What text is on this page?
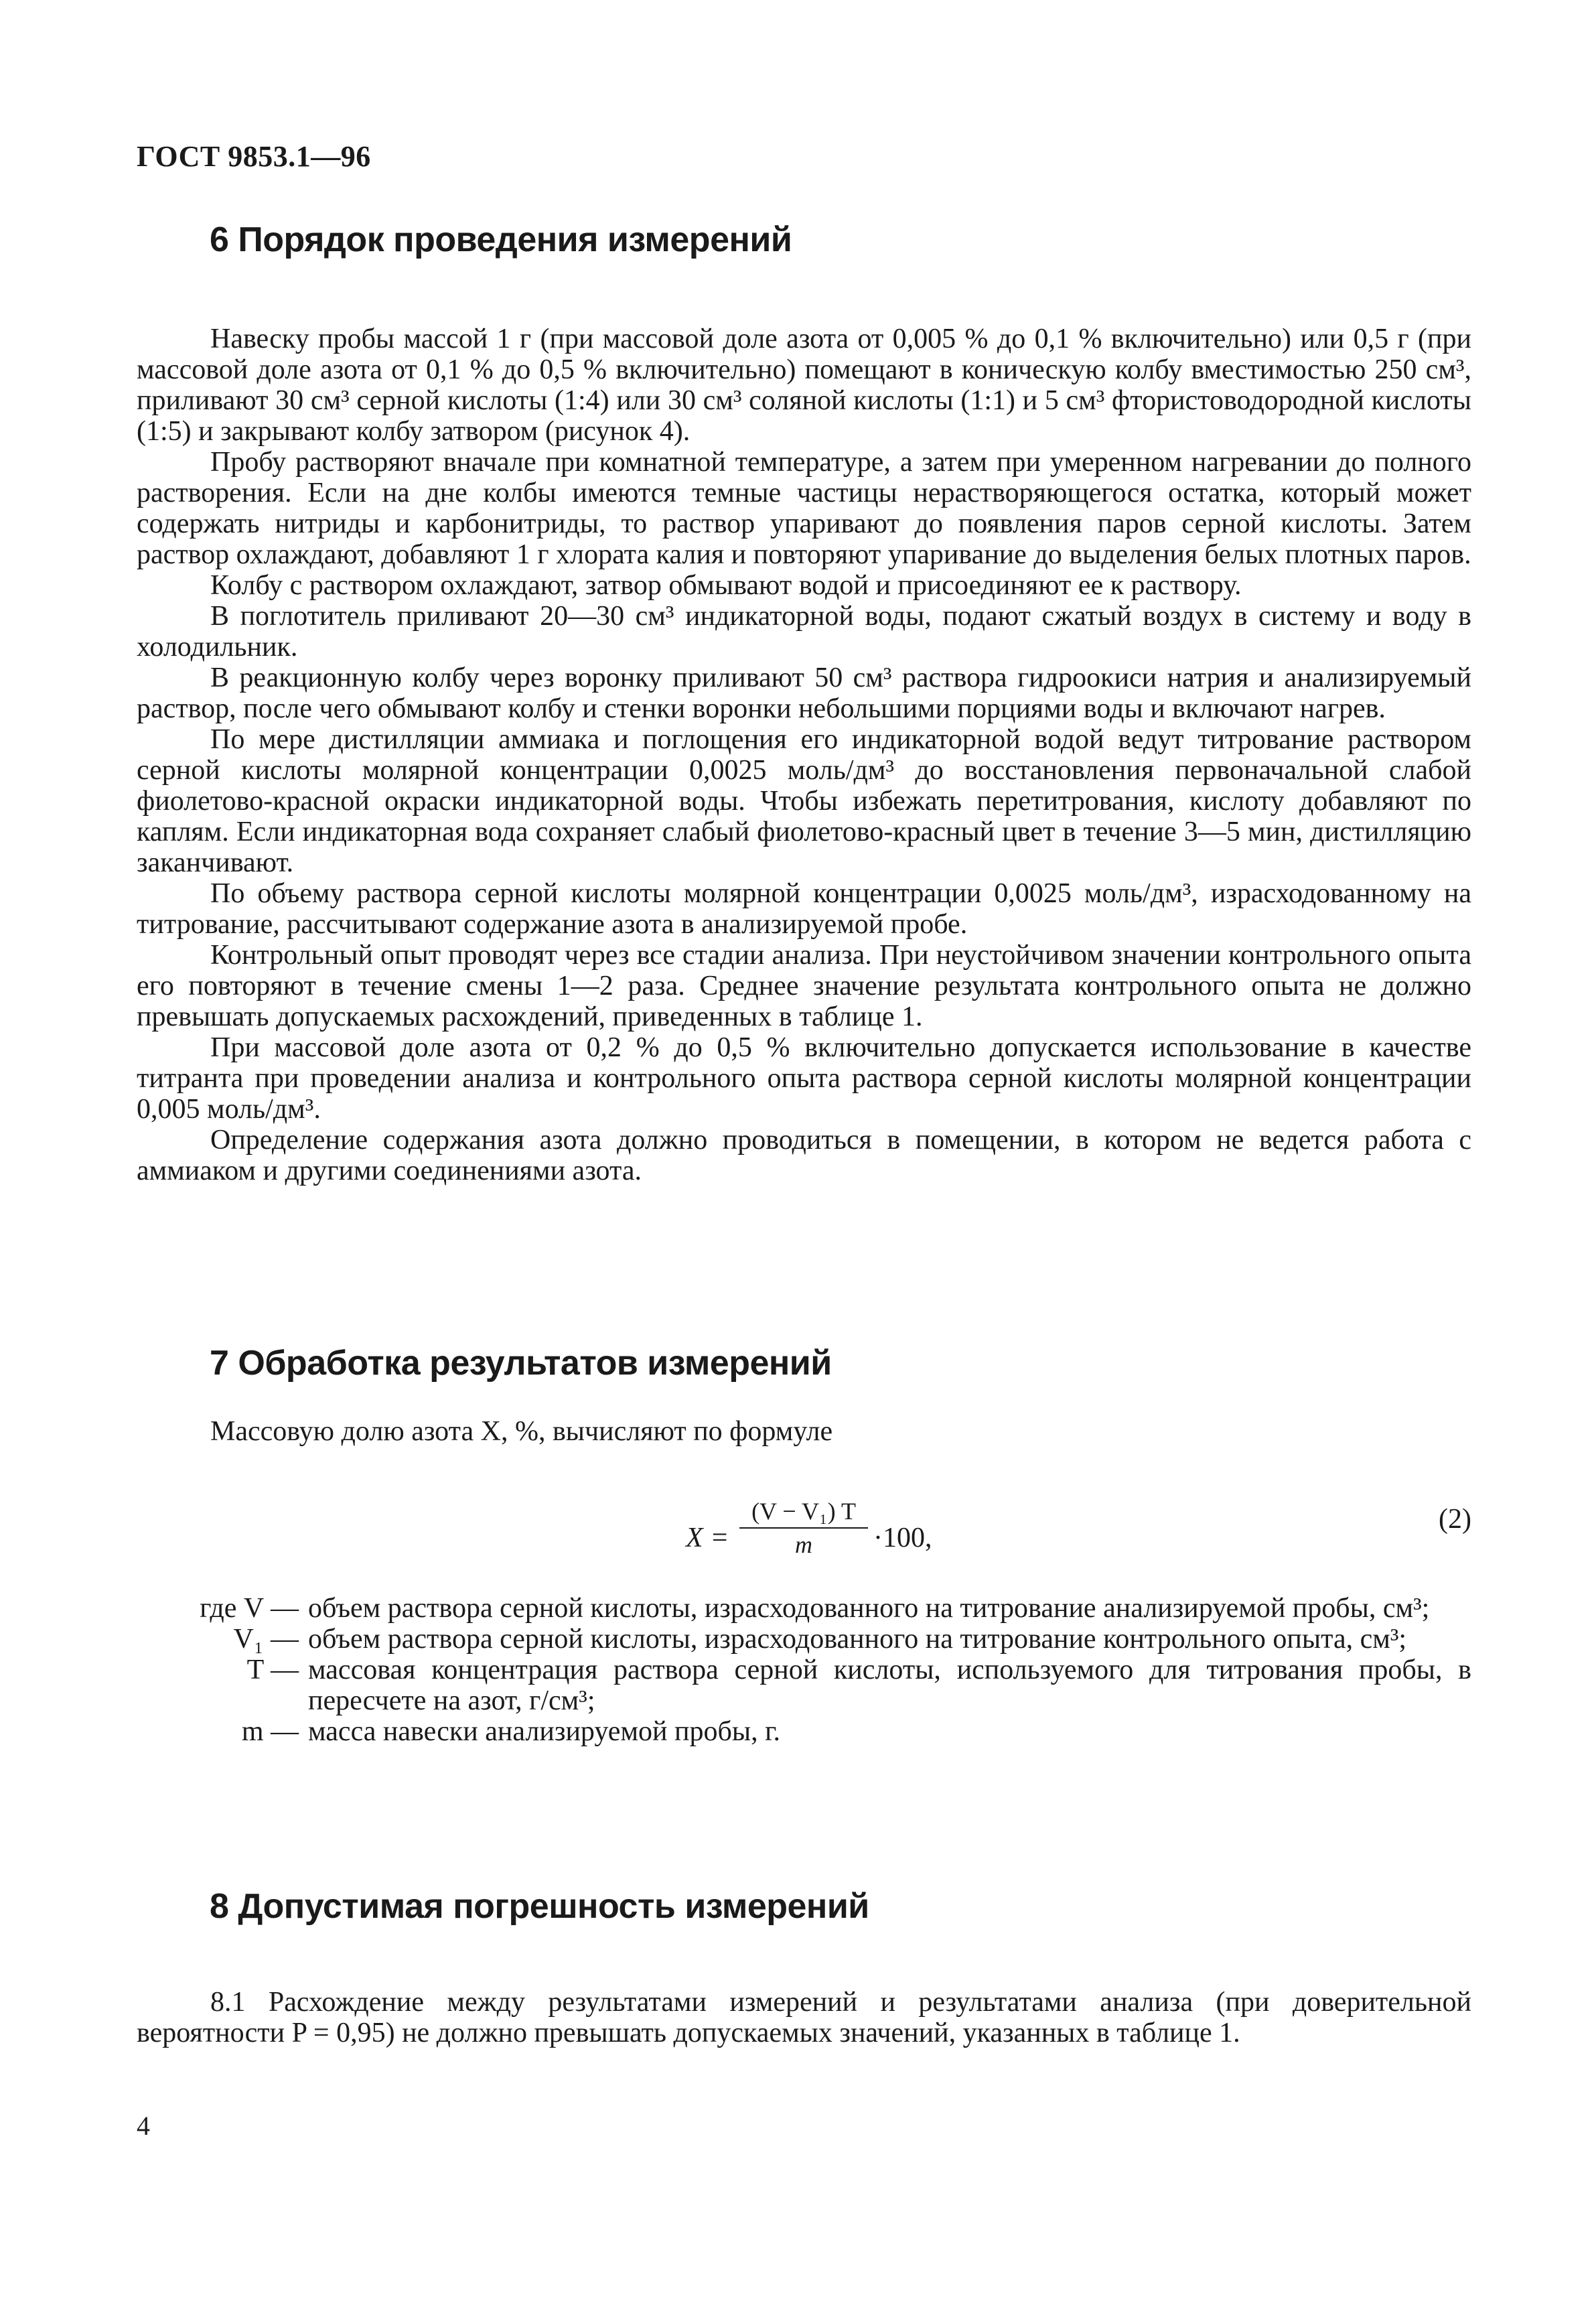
ГОСТ 9853.1—96
6 Порядок проведения измерений

Навеску пробы массой 1 г (при массовой доле азота от 0,005 % до 0,1 % включительно) или 0,5 г (при массовой доле азота от 0,1 % до 0,5 % включительно) помещают в коническую колбу вместимостью 250 см³, приливают 30 см³ серной кислоты (1:4) или 30 см³ соляной кислоты (1:1) и 5 см³ фтористоводородной кислоты (1:5) и закрывают колбу затвором (рисунок 4).

Пробу растворяют вначале при комнатной температуре, а затем при умеренном нагревании до полного растворения. Если на дне колбы имеются темные частицы нерастворяющегося остатка, который может содержать нитриды и карбонитриды, то раствор упаривают до появления паров серной кислоты. Затем раствор охлаждают, добавляют 1 г хлората калия и повторяют упаривание до выделения белых плотных паров.

Колбу с раствором охлаждают, затвор обмывают водой и присоединяют ее к раствору.

В поглотитель приливают 20—30 см³ индикаторной воды, подают сжатый воздух в систему и воду в холодильник.

В реакционную колбу через воронку приливают 50 см³ раствора гидроокиси натрия и анализируемый раствор, после чего обмывают колбу и стенки воронки небольшими порциями воды и включают нагрев.

По мере дистилляции аммиака и поглощения его индикаторной водой ведут титрование раствором серной кислоты молярной концентрации 0,0025 моль/дм³ до восстановления первоначальной слабой фиолетово-красной окраски индикаторной воды. Чтобы избежать перетитрования, кислоту добавляют по каплям. Если индикаторная вода сохраняет слабый фиолетово-красный цвет в течение 3—5 мин, дистилляцию заканчивают.

По объему раствора серной кислоты молярной концентрации 0,0025 моль/дм³, израсходованному на титрование, рассчитывают содержание азота в анализируемой пробе.

Контрольный опыт проводят через все стадии анализа. При неустойчивом значении контрольного опыта его повторяют в течение смены 1—2 раза. Среднее значение результата контрольного опыта не должно превышать допускаемых расхождений, приведенных в таблице 1.

При массовой доле азота от 0,2 % до 0,5 % включительно допускается использование в качестве титранта при проведении анализа и контрольного опыта раствора серной кислоты молярной концентрации 0,005 моль/дм³.

Определение содержания азота должно проводиться в помещении, в котором не ведется работа с аммиаком и другими соединениями азота.

7 Обработка результатов измерений

Массовую долю азота X, %, вычисляют по формуле

X =
(V − V₁) T
m	·100,
(2)
где V — объем раствора серной кислоты, израсходованного на титрование анализируемой пробы, см³;
V₁ — объем раствора серной кислоты, израсходованного на титрование контрольного опыта, см³;
T — массовая концентрация раствора серной кислоты, используемого для титрования пробы, в пересчете на азот, г/см³;
m — масса навески анализируемой пробы, г.
8 Допустимая погрешность измерений

8.1 Расхождение между результатами измерений и результатами анализа (при доверительной вероятности P = 0,95) не должно превышать допускаемых значений, указанных в таблице 1.

4
